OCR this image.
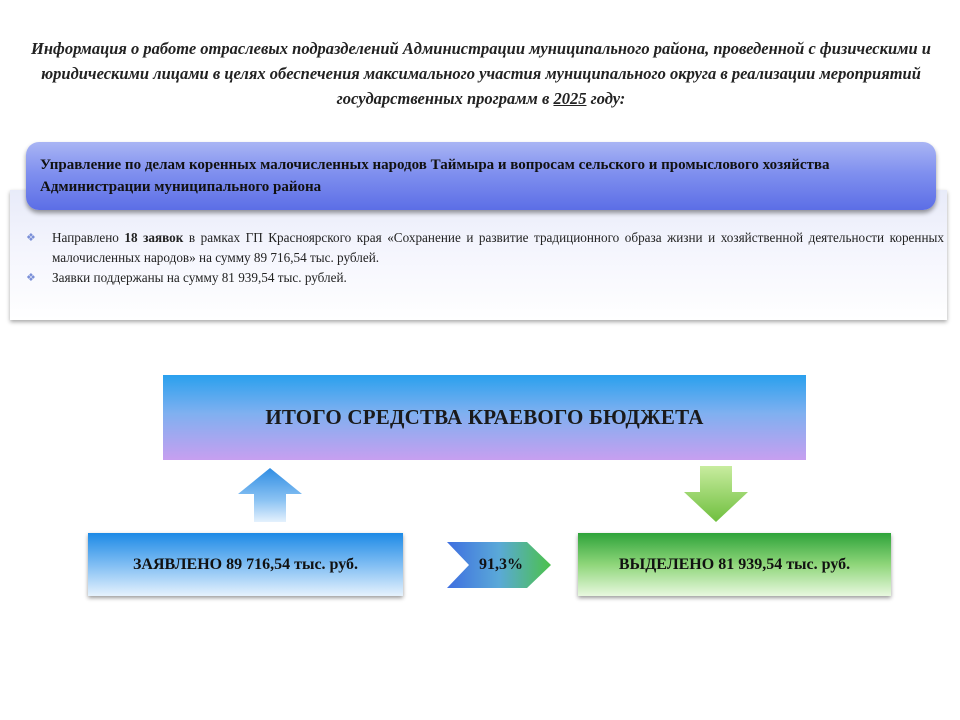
Информация о работе отраслевых подразделений Администрации муниципального района, проведенной с физическими и юридическими лицами в целях обеспечения максимального участия муниципального округа в реализации мероприятий государственных программ в 2025 году:
Управление по делам коренных малочисленных народов Таймыра и вопросам сельского и промыслового хозяйства Администрации муниципального района
❖	Направлено 18 заявок в рамках ГП Красноярского края «Сохранение и развитие традиционного образа жизни и хозяйственной деятельности коренных малочисленных народов» на сумму 89 716,54 тыс. рублей.
❖	Заявки поддержаны на сумму 81 939,54 тыс. рублей.
ИТОГО СРЕДСТВА КРАЕВОГО БЮДЖЕТА
ЗАЯВЛЕНО 89 716,54 тыс. руб.	91,3%	ВЫДЕЛЕНО 81 939,54 тыс. руб.
